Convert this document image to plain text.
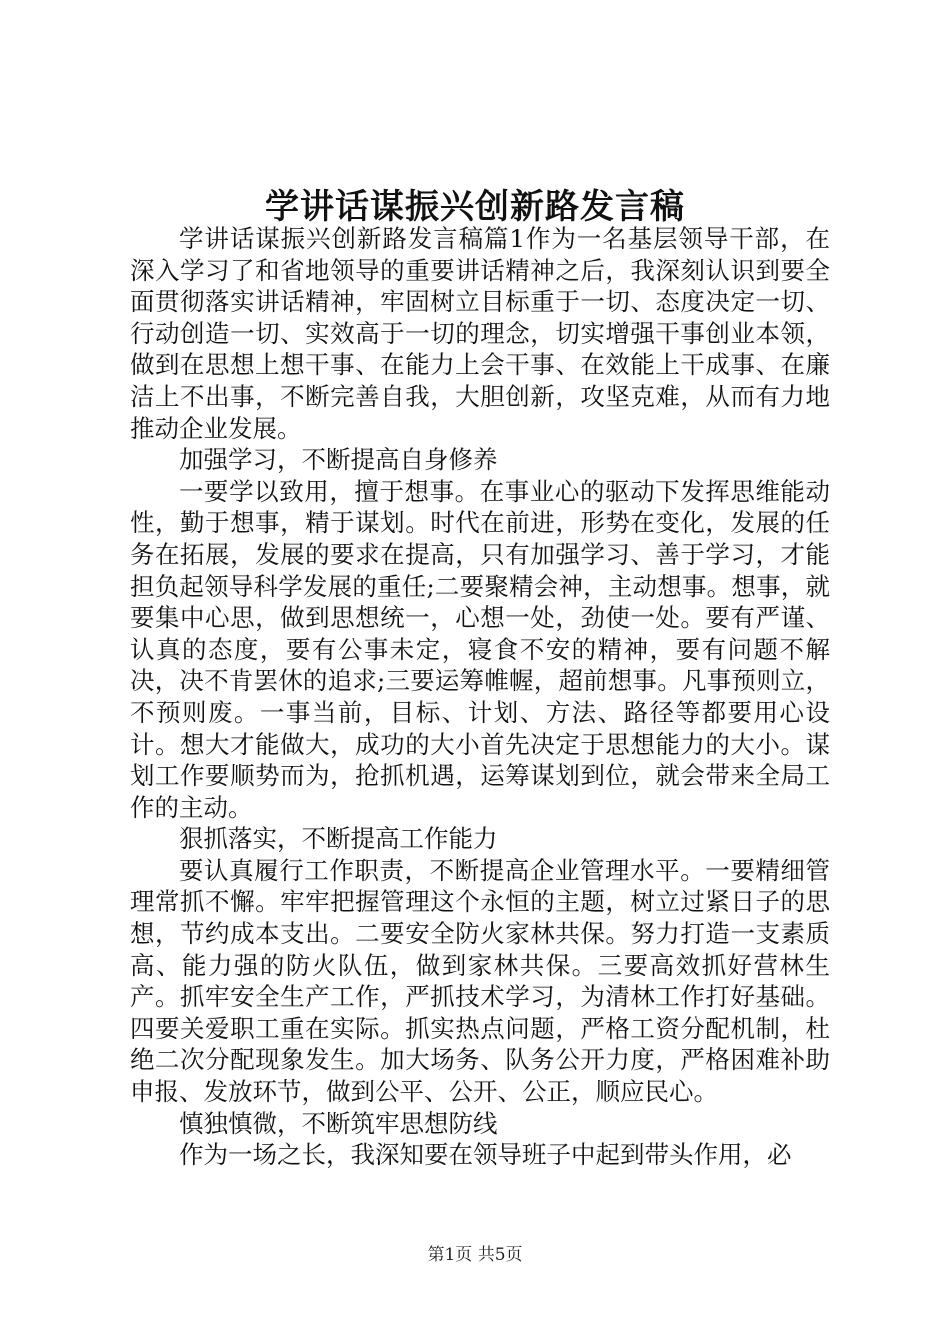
学讲话谋振兴创新路发言稿

学讲话谋振兴创新路发言稿篇1作为一名基层领导干部，在深入学习了和省地领导的重要讲话精神之后，我深刻认识到要全面贯彻落实讲话精神，牢固树立目标重于一切、态度决定一切、行动创造一切、实效高于一切的理念，切实增强干事创业本领，做到在思想上想干事、在能力上会干事、在效能上干成事、在廉洁上不出事，不断完善自我，大胆创新，攻坚克难，从而有力地推动企业发展。

加强学习，不断提高自身修养

一要学以致用，擅于想事。在事业心的驱动下发挥思维能动性，勤于想事，精于谋划。时代在前进，形势在变化，发展的任务在拓展，发展的要求在提高，只有加强学习、善于学习，才能担负起领导科学发展的重任;二要聚精会神，主动想事。想事，就要集中心思，做到思想统一，心想一处，劲使一处。要有严谨、认真的态度，要有公事未定，寝食不安的精神，要有问题不解决，决不肯罢休的追求;三要运筹帷幄，超前想事。凡事预则立，不预则废。一事当前，目标、计划、方法、路径等都要用心设计。想大才能做大，成功的大小首先决定于思想能力的大小。谋划工作要顺势而为，抢抓机遇，运筹谋划到位，就会带来全局工作的主动。

狠抓落实，不断提高工作能力

要认真履行工作职责，不断提高企业管理水平。一要精细管理常抓不懈。牢牢把握管理这个永恒的主题，树立过紧日子的思想，节约成本支出。二要安全防火家林共保。努力打造一支素质高、能力强的防火队伍，做到家林共保。三要高效抓好营林生产。抓牢安全生产工作，严抓技术学习，为清林工作打好基础。四要关爱职工重在实际。抓实热点问题，严格工资分配机制，杜绝二次分配现象发生。加大场务、队务公开力度，严格困难补助申报、发放环节，做到公平、公开、公正，顺应民心。

慎独慎微，不断筑牢思想防线

作为一场之长，我深知要在领导班子中起到带头作用，必

第1页 共5页
